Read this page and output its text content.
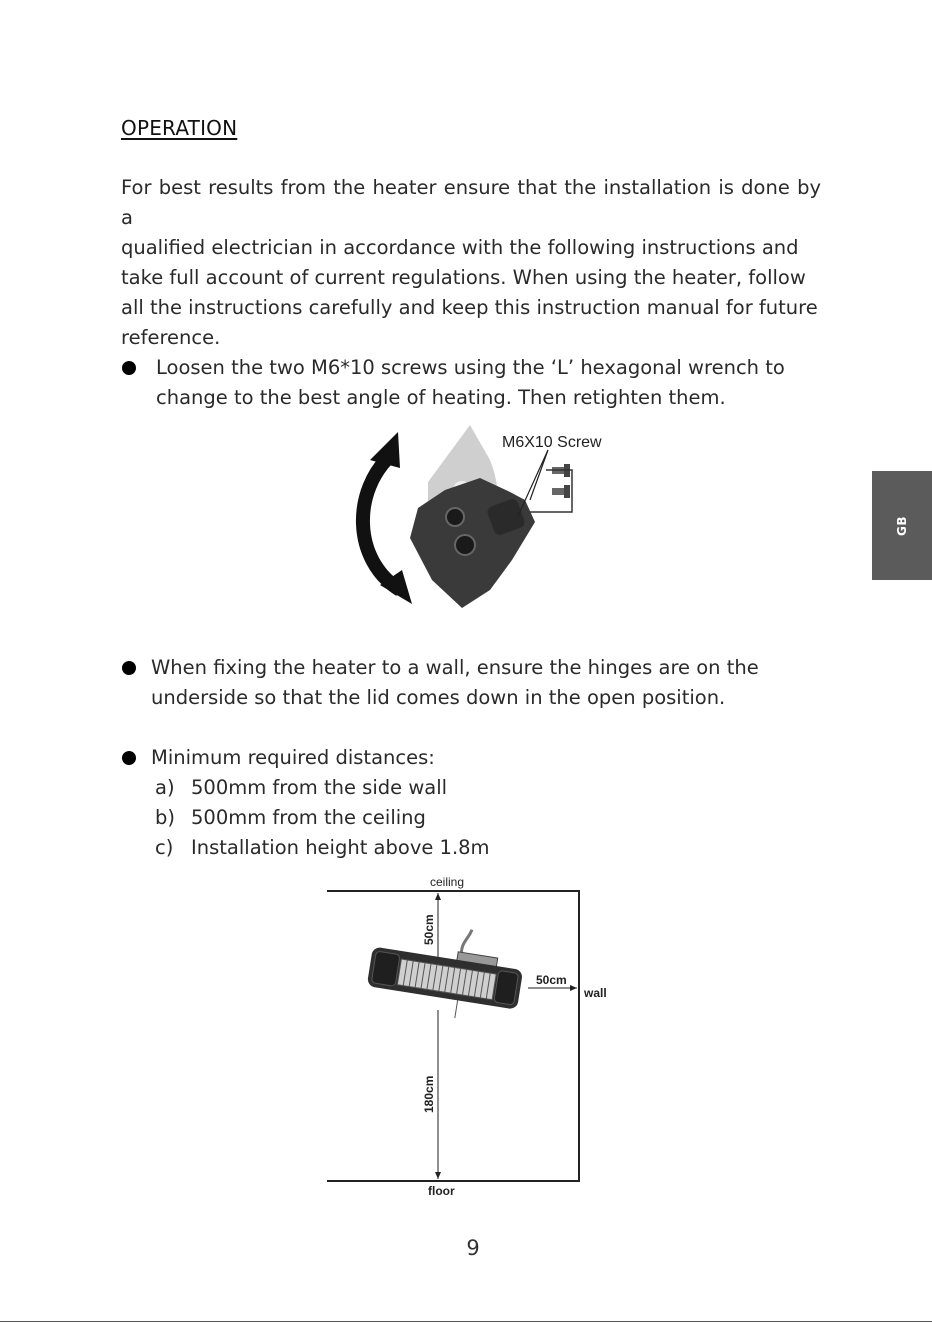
OPERATION
For best results from the heater ensure that the installation is done by a
qualified electrician in accordance with the following instructions and
take full account of current regulations. When using the heater, follow
all the instructions carefully and keep this instruction manual for future
reference.
Loosen the two M6*10 screws using the ‘L’ hexagonal wrench to
change to the best angle of heating. Then retighten them.
M6X10 Screw
When fixing the heater to a wall, ensure the hinges are on the
underside so that the lid comes down in the open position.
Minimum required distances:
a) 500mm from the side wall
b) 500mm from the ceiling
c) Installation height above 1.8m
ceiling
floor
wall
50cm
180cm
50cm
GB
9
